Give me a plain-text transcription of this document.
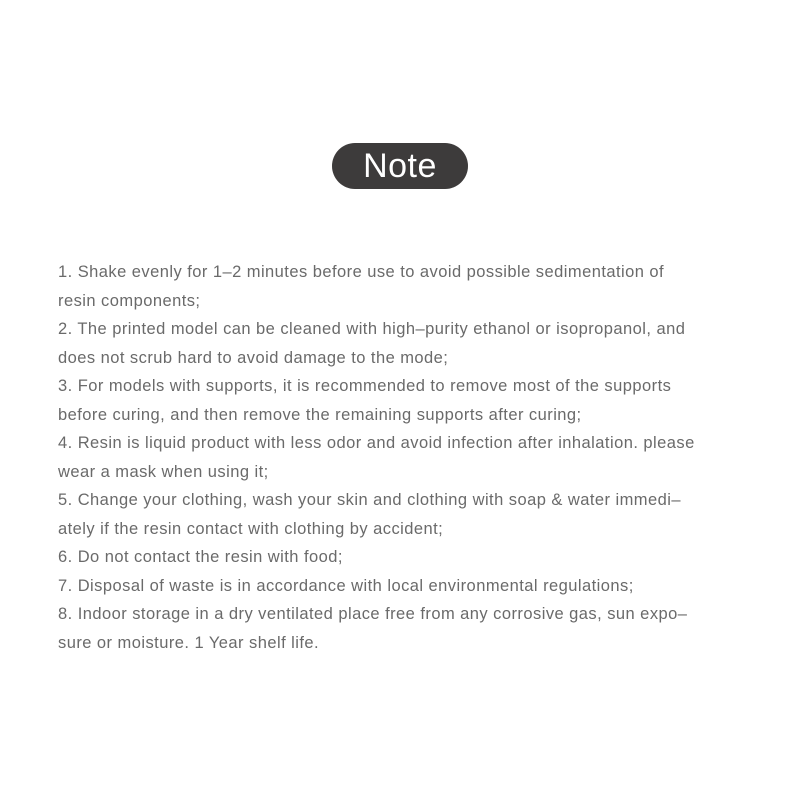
Note
1. Shake evenly for 1–2 minutes before use to avoid possible sedimentation of
resin components;
2. The printed model can be cleaned with high–purity ethanol or isopropanol, and
does not scrub hard to avoid damage to the mode;
3. For models with supports, it is recommended to remove most of the supports
before curing, and then remove the remaining supports after curing;
4. Resin is liquid product with less odor and avoid infection after inhalation. please
wear a mask when using it;
5. Change your clothing, wash your skin and clothing with soap & water immedi–
ately if the resin contact with clothing by accident;
6. Do not contact the resin with food;
7. Disposal of waste is in accordance with local environmental regulations;
8. Indoor storage in a dry ventilated place free from any corrosive gas, sun expo–
sure or moisture. 1 Year shelf life.
